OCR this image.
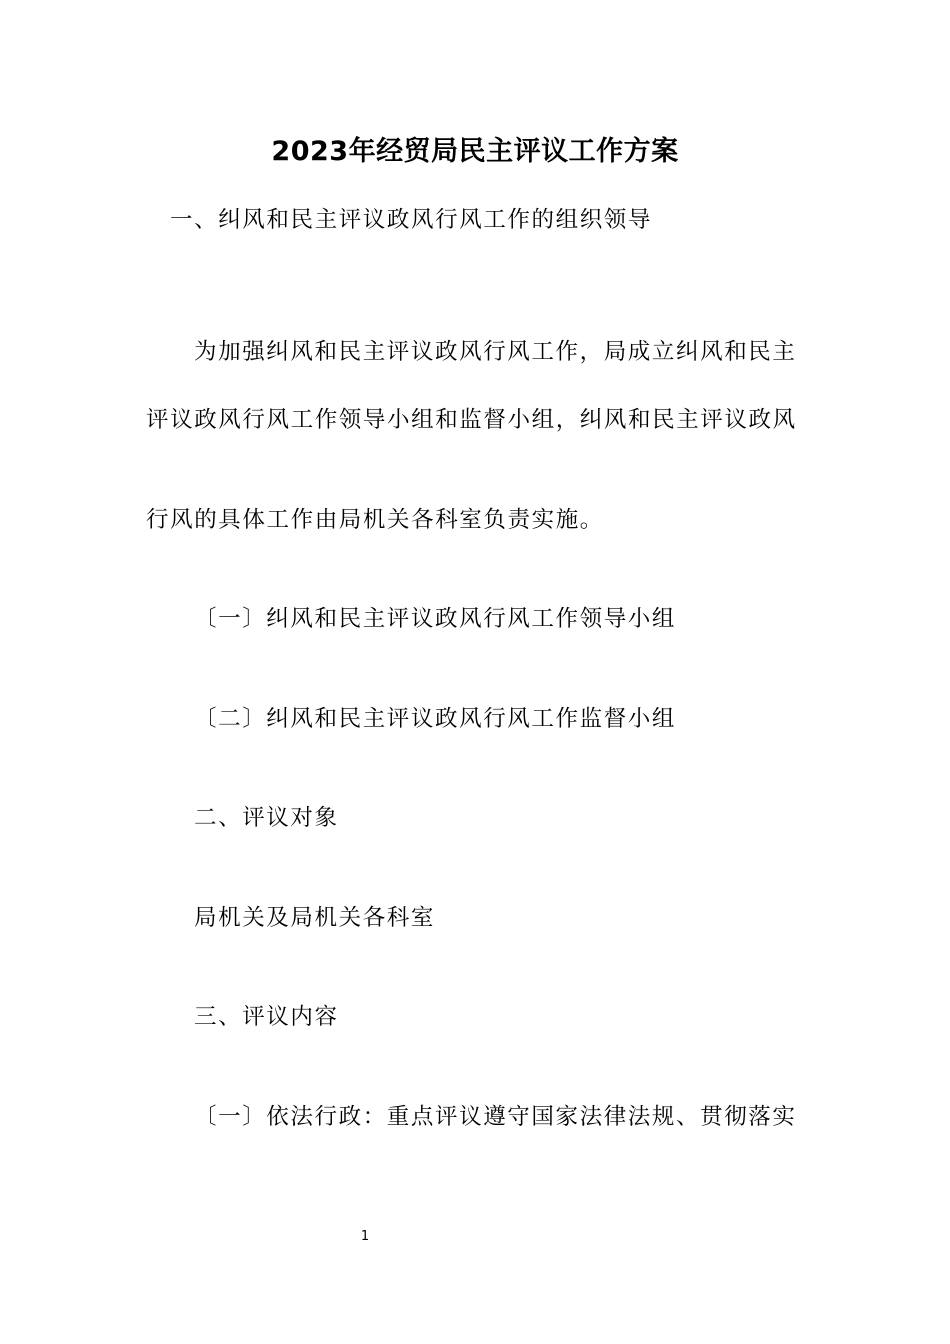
2023年经贸局民主评议工作方案
一、纠风和民主评议政风行风工作的组织领导
为加强纠风和民主评议政风行风工作，局成立纠风和民主
评议政风行风工作领导小组和监督小组，纠风和民主评议政风
行风的具体工作由局机关各科室负责实施。
〔一〕纠风和民主评议政风行风工作领导小组
〔二〕纠风和民主评议政风行风工作监督小组
二、评议对象
局机关及局机关各科室
三、评议内容
〔一〕依法行政：重点评议遵守国家法律法规、贯彻落实
1
